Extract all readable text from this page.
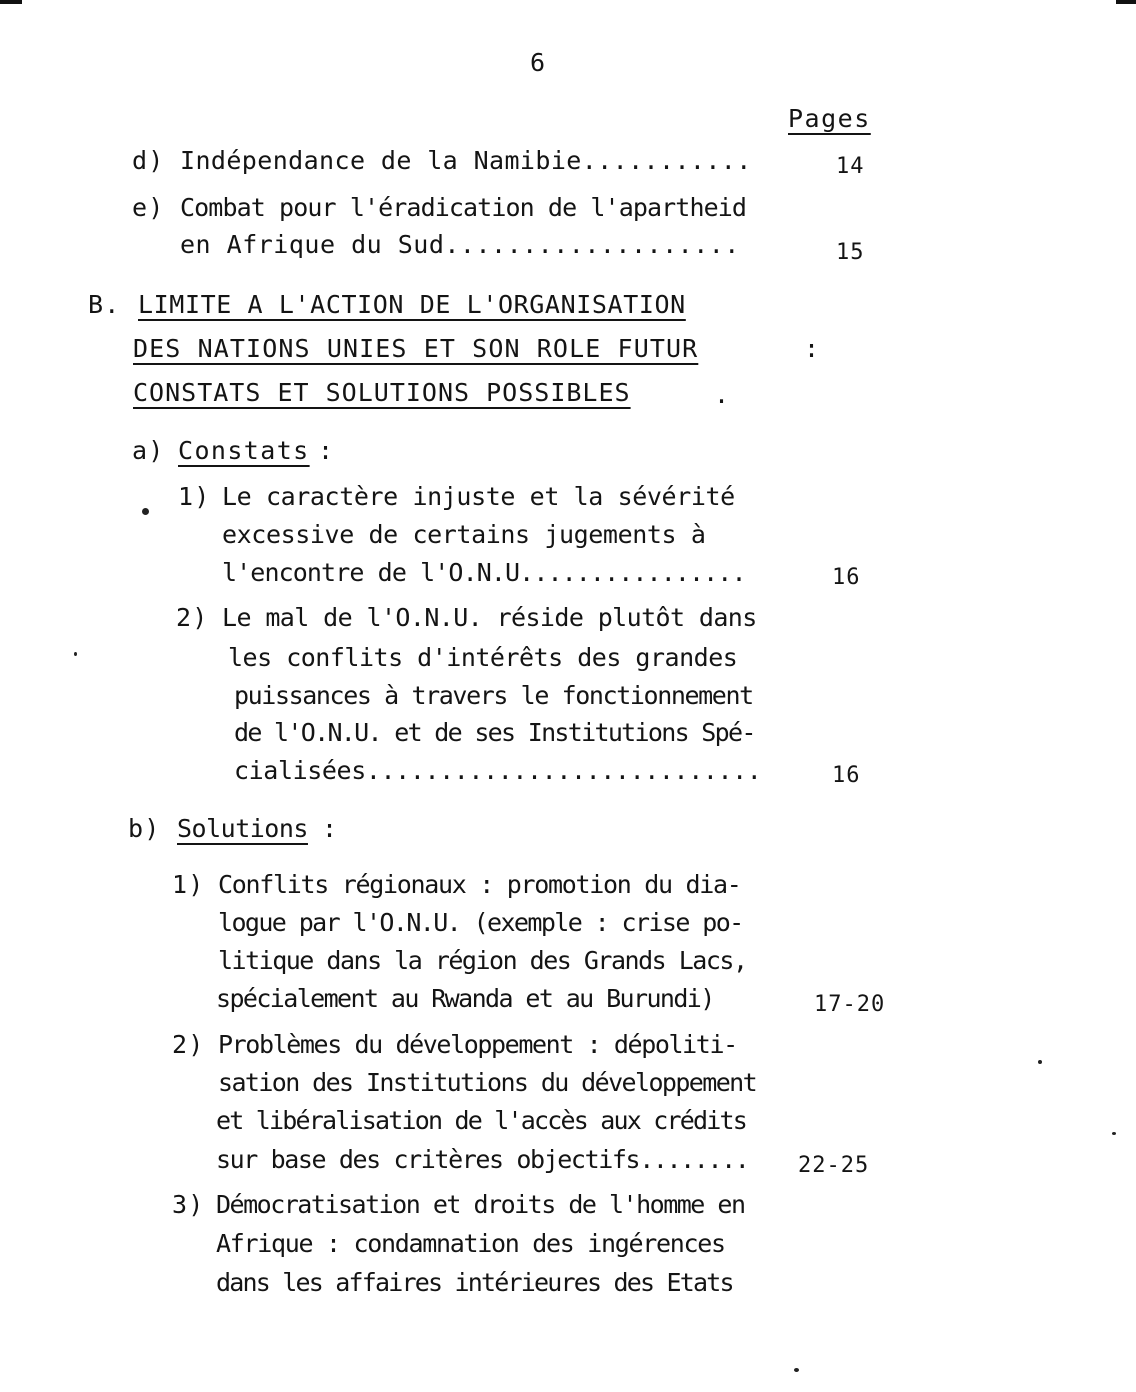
6
Pages
d) Indépendance de la Namibie...........	14
e) Combat pour l'éradication de l'apartheid
en Afrique du Sud...................	15
B. LIMITE A L'ACTION DE L'ORGANISATION
DES NATIONS UNIES ET SON ROLE FUTUR	:
CONSTATS ET SOLUTIONS POSSIBLES	.
a) Constats :
1) Le caractère injuste et la sévérité
excessive de certains jugements à
l'encontre de l'O.N.U................	16
2) Le mal de l'O.N.U. réside plutôt dans
les conflits d'intérêts des grandes
puissances à travers le fonctionnement
de l'O.N.U. et de ses Institutions Spé-
cialisées...........................	16
b) Solutions :
1) Conflits régionaux : promotion du dia-
logue par l'O.N.U. (exemple : crise po-
litique dans la région des Grands Lacs,
spécialement au Rwanda et au Burundi)	17-20
2) Problèmes du développement : dépoliti-
sation des Institutions du développement
et libéralisation de l'accès aux crédits
sur base des critères objectifs........ 22-25
3) Démocratisation et droits de l'homme en
Afrique : condamnation des ingérences
dans les affaires intérieures des Etats
